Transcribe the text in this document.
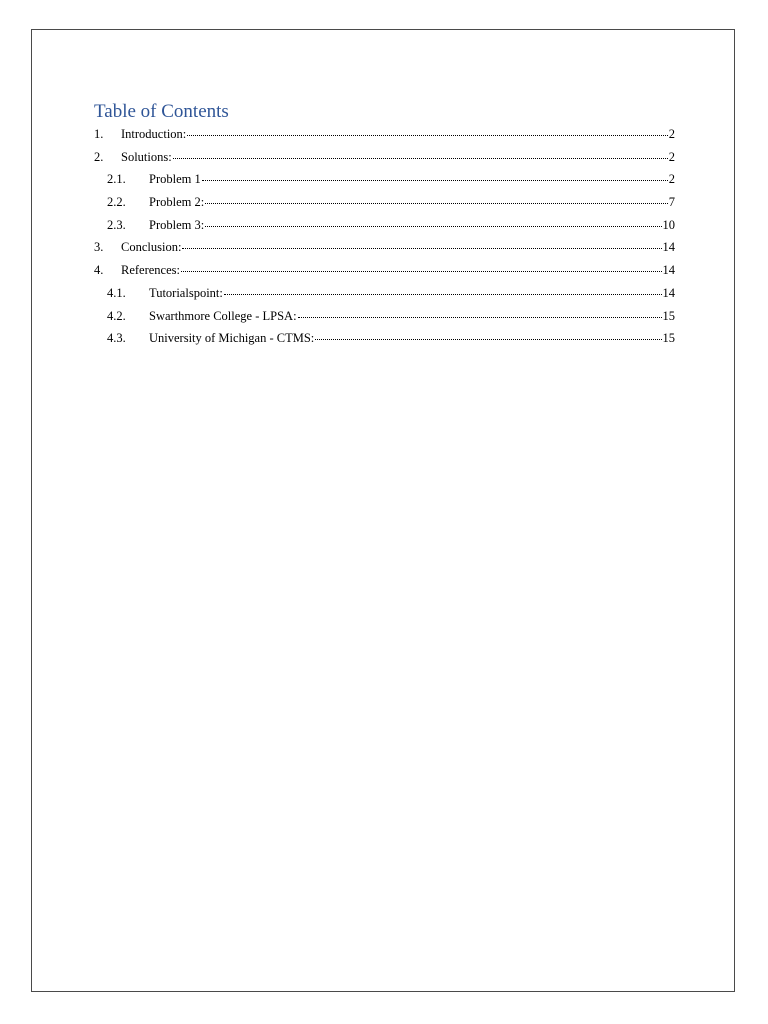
Table of Contents
1.	Introduction:	2
2.	Solutions:	2
2.1.	Problem 1	2
2.2.	Problem 2:	7
2.3.	Problem 3:	10
3.	Conclusion:	14
4.	References:	14
4.1.	Tutorialspoint:	14
4.2.	Swarthmore College - LPSA:	15
4.3.	University of Michigan - CTMS:	15
